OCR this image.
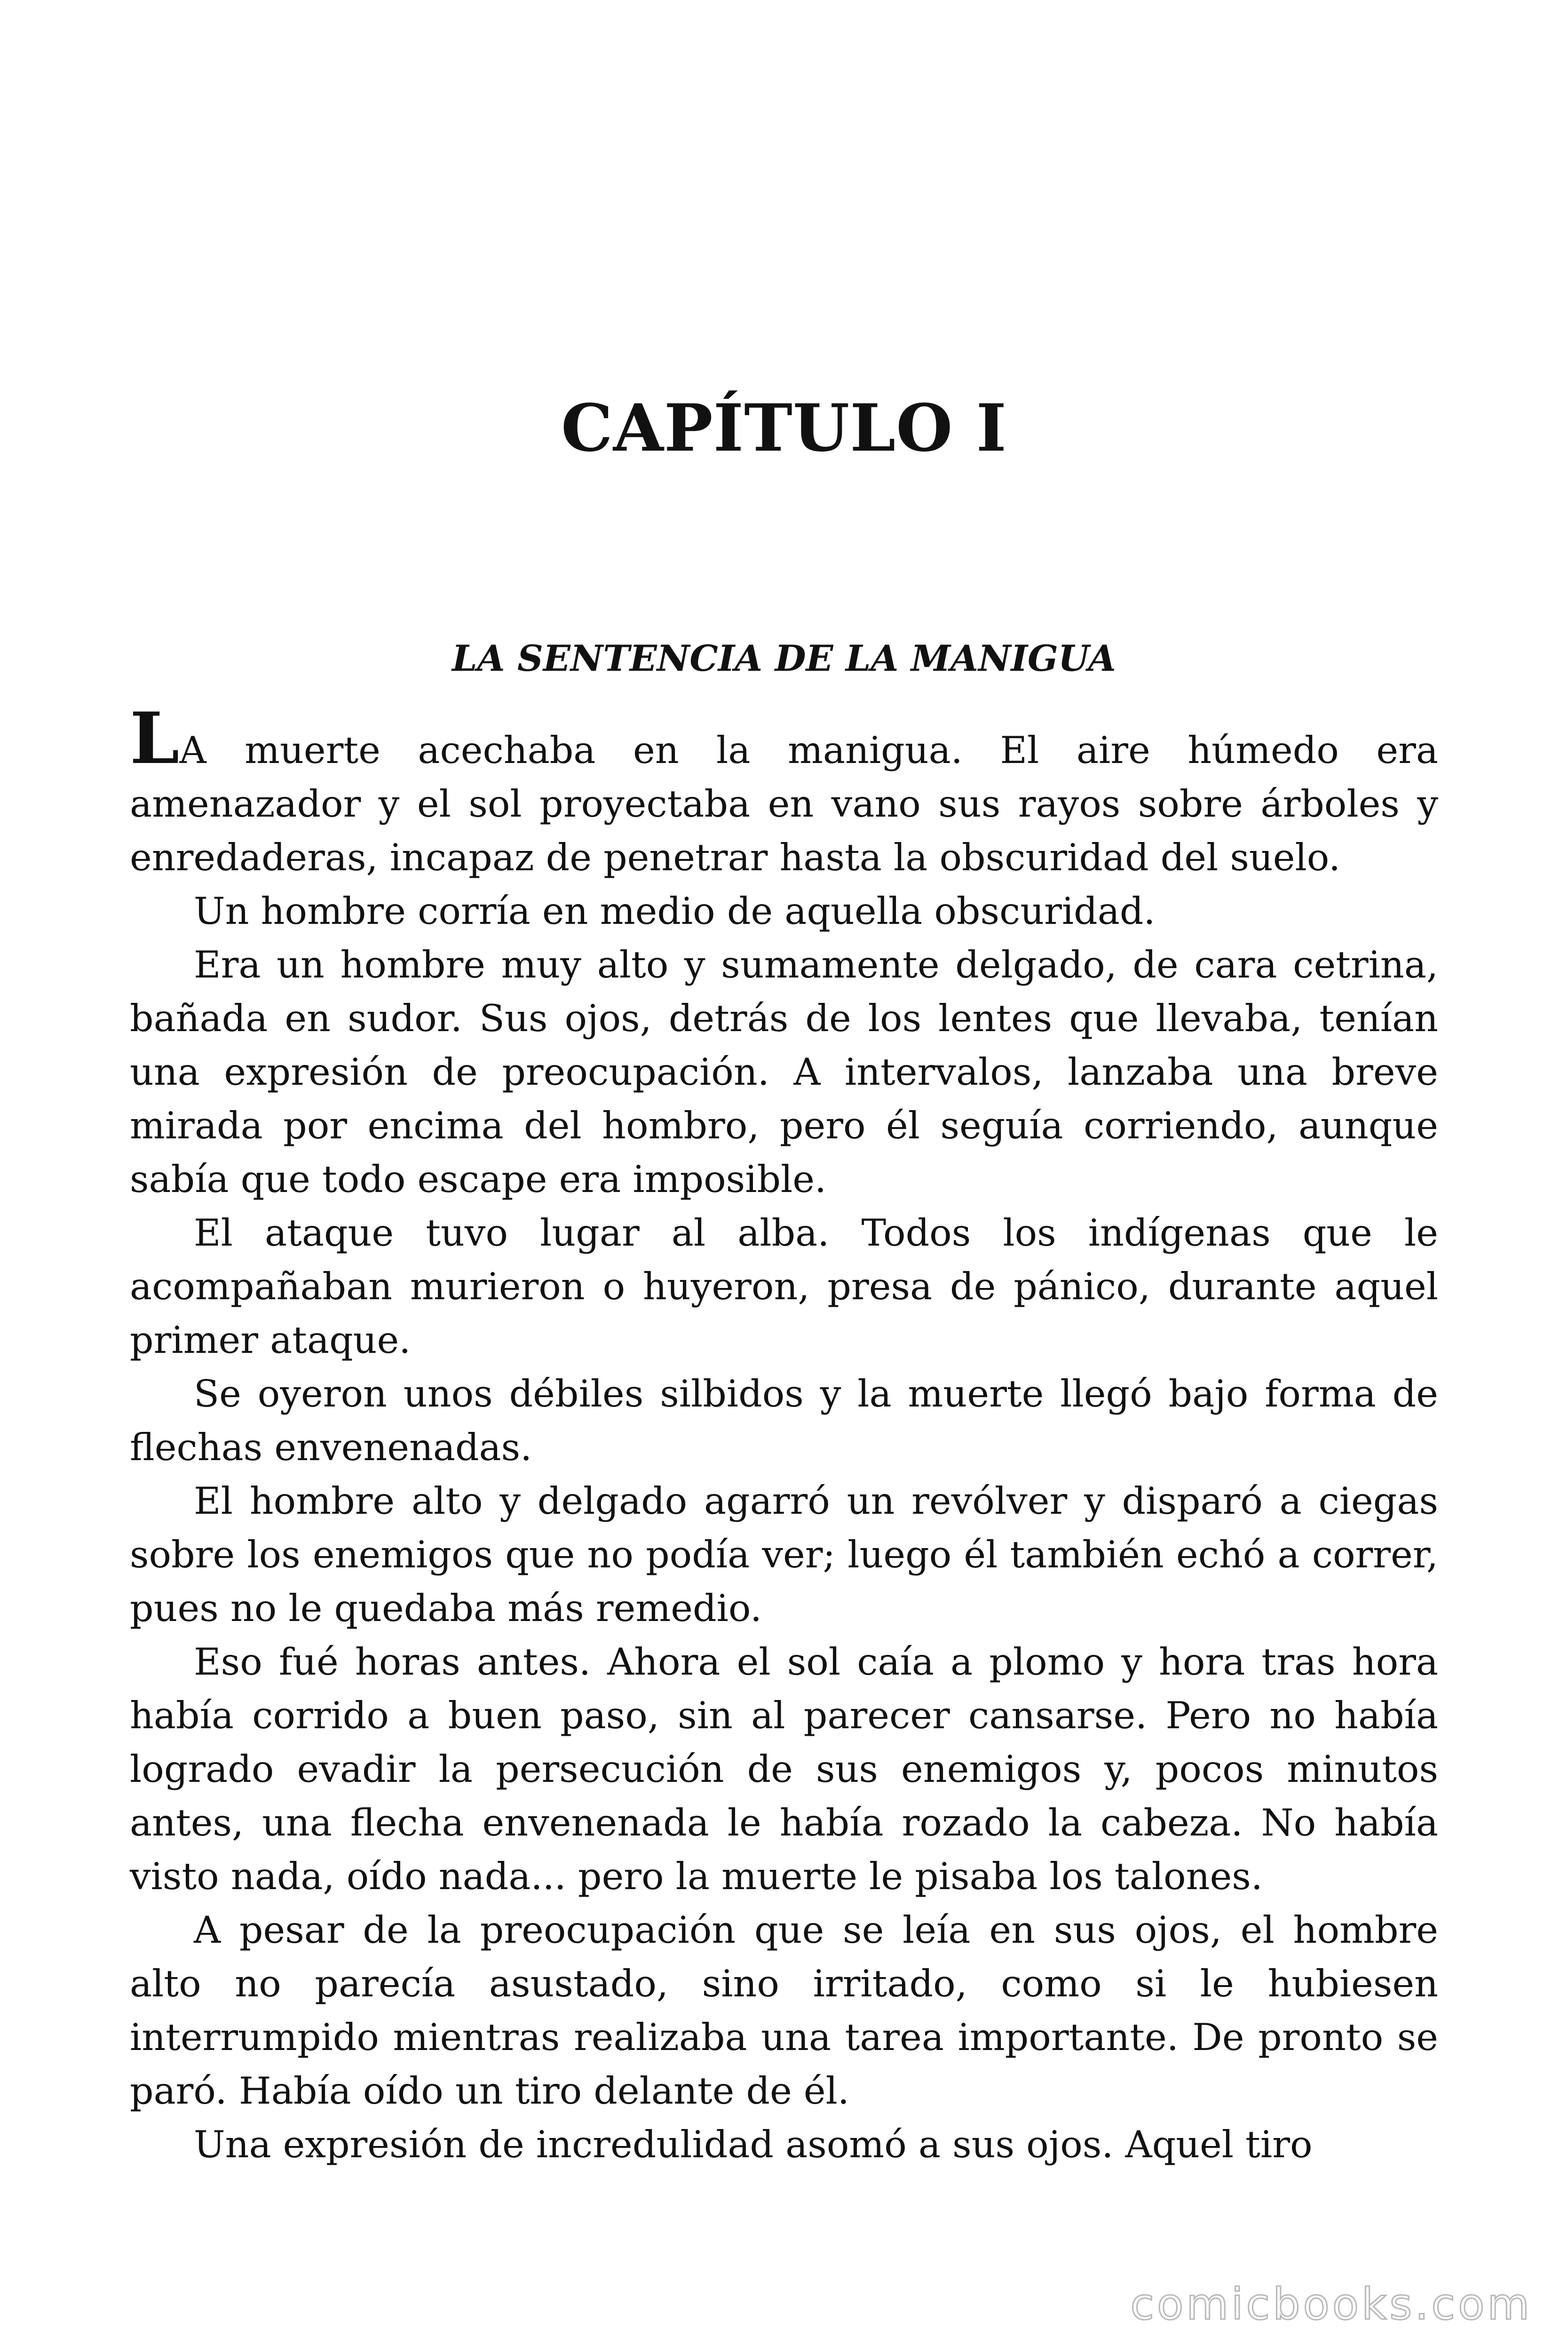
CAPÍTULO I
LA SENTENCIA DE LA MANIGUA

LA muerte acechaba en la manigua. El aire húmedo era amenazador y el sol proyectaba en vano sus rayos sobre árboles y enredaderas, incapaz de penetrar hasta la obscuridad del suelo.

Un hombre corría en medio de aquella obscuridad.

Era un hombre muy alto y sumamente delgado, de cara cetrina, bañada en sudor. Sus ojos, detrás de los lentes que llevaba, tenían una expresión de preocupación. A intervalos, lanzaba una breve mirada por encima del hombro, pero él seguía corriendo, aunque sabía que todo escape era imposible.

El ataque tuvo lugar al alba. Todos los indígenas que le acompañaban murieron o huyeron, presa de pánico, durante aquel primer ataque.

Se oyeron unos débiles silbidos y la muerte llegó bajo forma de flechas envenenadas.

El hombre alto y delgado agarró un revólver y disparó a ciegas sobre los enemigos que no podía ver; luego él también echó a correr, pues no le quedaba más remedio.

Eso fué horas antes. Ahora el sol caía a plomo y hora tras hora había corrido a buen paso, sin al parecer cansarse. Pero no había logrado evadir la persecución de sus enemigos y, pocos minutos antes, una flecha envenenada le había rozado la cabeza. No había visto nada, oído nada... pero la muerte le pisaba los talones.

A pesar de la preocupación que se leía en sus ojos, el hombre alto no parecía asustado, sino irritado, como si le hubiesen interrumpido mientras realizaba una tarea importante. De pronto se paró. Había oído un tiro delante de él.

Una expresión de incredulidad asomó a sus ojos. Aquel tiro

comicbooks.com
